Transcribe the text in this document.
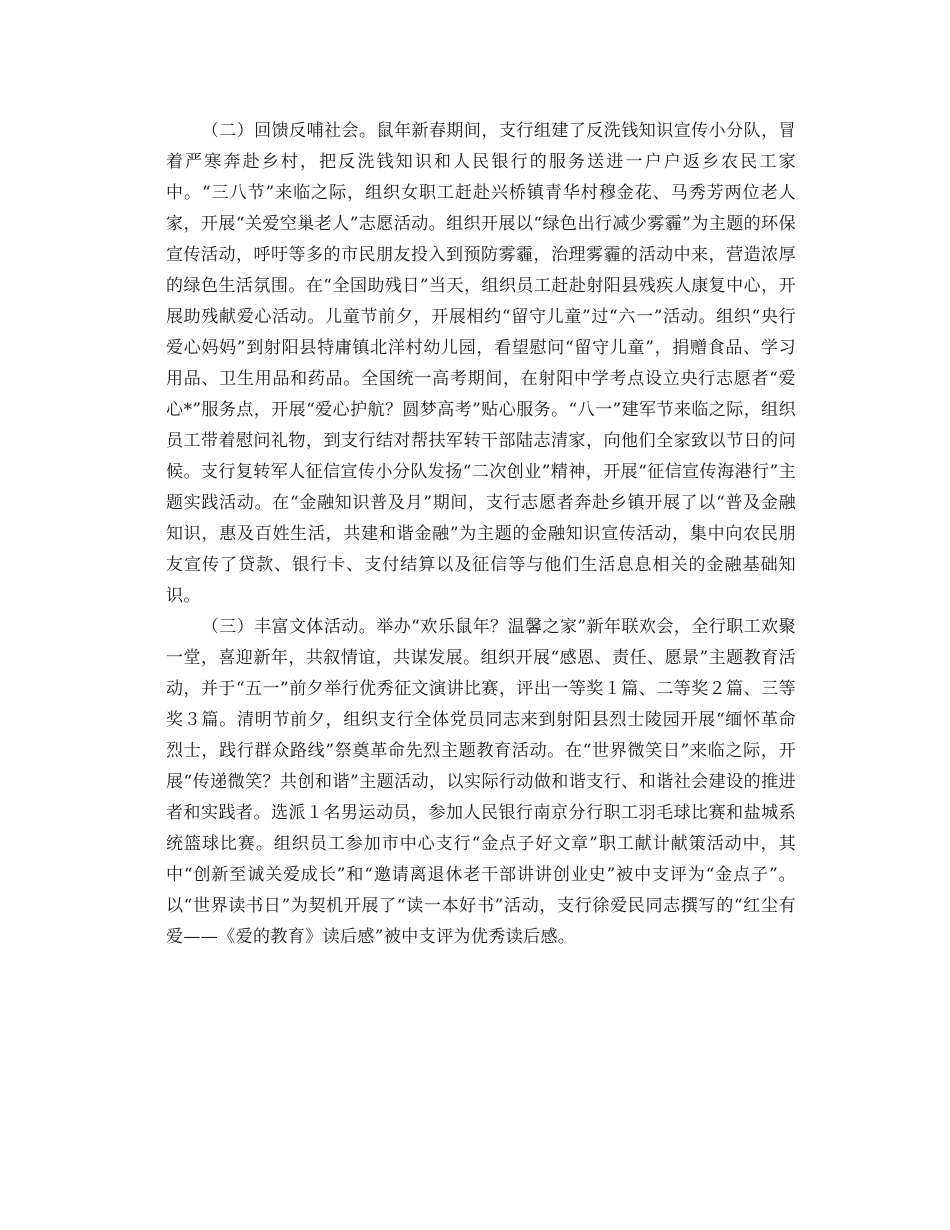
（二）回馈反哺社会。鼠年新春期间，支行组建了反洗钱知识宣传小分队，冒着严寒奔赴乡村，把反洗钱知识和人民银行的服务送进一户户返乡农民工家中。“三八节”来临之际，组织女职工赶赴兴桥镇青华村穆金花、马秀芳两位老人家，开展“关爱空巢老人”志愿活动。组织开展以“绿色出行减少雾霾”为主题的环保宣传活动，呼吁等多的市民朋友投入到预防雾霾，治理雾霾的活动中来，营造浓厚的绿色生活氛围。在“全国助残日”当天，组织员工赶赴射阳县残疾人康复中心，开展助残献爱心活动。儿童节前夕，开展相约“留守儿童”过“六一”活动。组织“央行爱心妈妈”到射阳县特庸镇北洋村幼儿园，看望慰问“留守儿童”，捐赠食品、学习用品、卫生用品和药品。全国统一高考期间，在射阳中学考点设立央行志愿者“爱心*”服务点，开展“爱心护航？圆梦高考”贴心服务。“八一”建军节来临之际，组织员工带着慰问礼物，到支行结对帮扶军转干部陆志清家，向他们全家致以节日的问候。支行复转军人征信宣传小分队发扬“二次创业”精神，开展“征信宣传海港行”主题实践活动。在“金融知识普及月”期间，支行志愿者奔赴乡镇开展了以“普及金融知识，惠及百姓生活，共建和谐金融”为主题的金融知识宣传活动，集中向农民朋友宣传了贷款、银行卡、支付结算以及征信等与他们生活息息相关的金融基础知识。

（三）丰富文体活动。举办“欢乐鼠年？温馨之家”新年联欢会，全行职工欢聚一堂，喜迎新年，共叙情谊，共谋发展。组织开展“感恩、责任、愿景”主题教育活动，并于“五一”前夕举行优秀征文演讲比赛，评出一等奖１篇、二等奖２篇、三等奖３篇。清明节前夕，组织支行全体党员同志来到射阳县烈士陵园开展“缅怀革命烈士，践行群众路线”祭奠革命先烈主题教育活动。在“世界微笑日”来临之际，开展“传递微笑？共创和谐”主题活动，以实际行动做和谐支行、和谐社会建设的推进者和实践者。选派１名男运动员，参加人民银行南京分行职工羽毛球比赛和盐城系统篮球比赛。组织员工参加市中心支行“金点子好文章”职工献计献策活动中，其中“创新至诚关爱成长”和“邀请离退休老干部讲讲创业史”被中支评为“金点子”。以“世界读书日”为契机开展了“读一本好书”活动，支行徐爱民同志撰写的“红尘有爱——《爱的教育》读后感”被中支评为优秀读后感。
